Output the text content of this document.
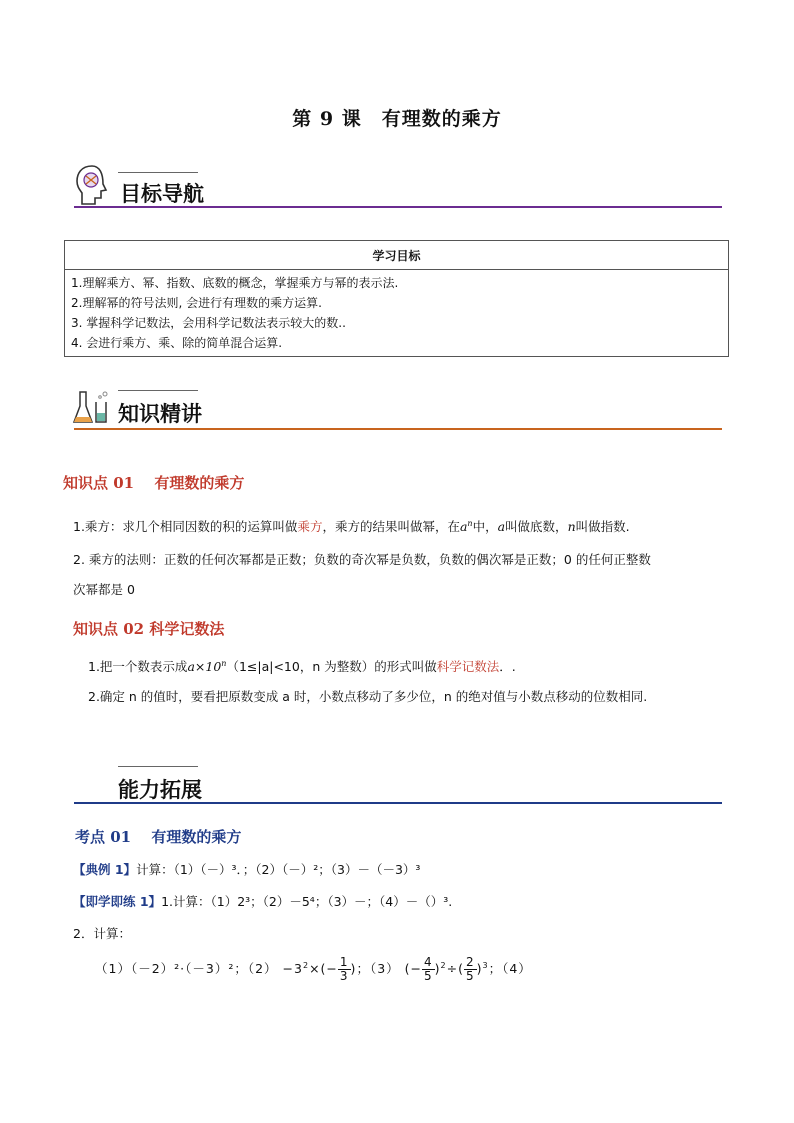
第 9 课　有理数的乘方
目标导航
学习目标

1.理解乘方、幂、指数、底数的概念，掌握乘方与幂的表示法.
2.理解幂的符号法则, 会进行有理数的乘方运算.
3. 掌握科学记数法，会用科学记数法表示较大的数..
4. 会进行乘方、乘、除的简单混合运算.
知识精讲
知识点 01　 有理数的乘方
1.乘方：求几个相同因数的积的运算叫做乘方，乘方的结果叫做幂，在$a^n$中，a叫做底数，n叫做指数.
2. 乘方的法则：正数的任何次幂都是正数；负数的奇次幂是负数，负数的偶次幂是正数；0 的任何正整数
次幂都是 0
知识点 02 科学记数法
1.把一个数表示成$a\times 10^n(1\le|a|<10$，n 为整数）的形式叫做科学记数法．.
2.确定 n 的值时，要看把原数变成 a 时，小数点移动了多少位，n 的绝对值与小数点移动的位数相同.
能力拓展
考点 01　 有理数的乘方
【典例 1】计算：（1）（－）³．；（2）（－）²；（3）－（－3）³
【即学即练 1】1.计算：（1）2³；（2）－5⁴；（3）－；（4）－（）³.
2．计算：
（1）（－2）²·（－3）²；$(2) -3^2\times(- \frac{1}{3}$ )；（3） (− $\frac{4}{5} )^2\div( \frac{2}{5} )^3$；（4）
